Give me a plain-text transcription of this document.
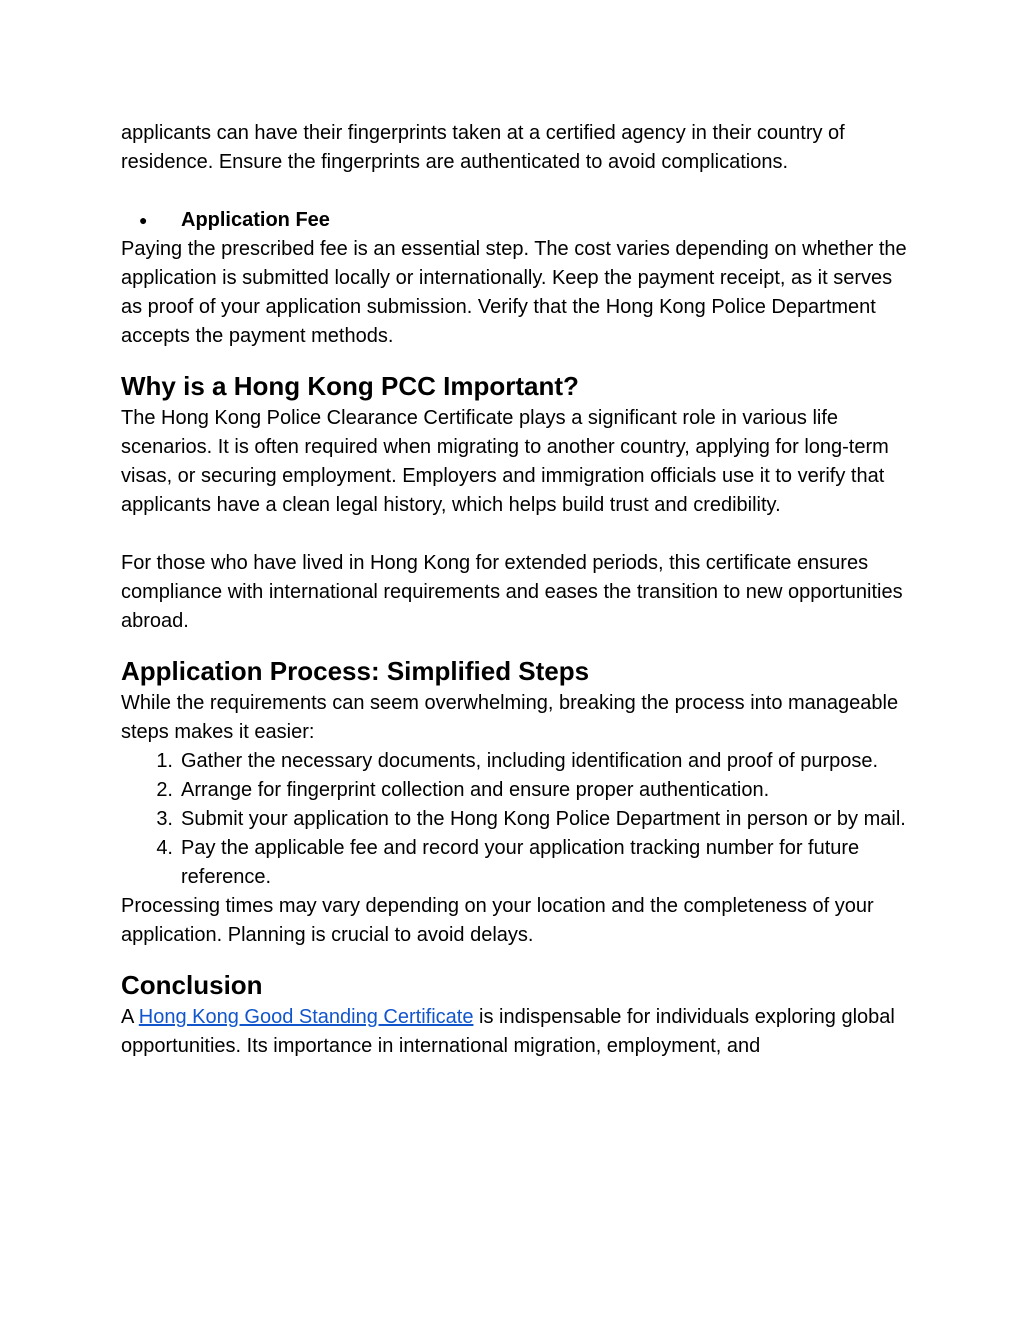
applicants can have their fingerprints taken at a certified agency in their country of residence. Ensure the fingerprints are authenticated to avoid complications.

●	Application Fee

Paying the prescribed fee is an essential step. The cost varies depending on whether the application is submitted locally or internationally. Keep the payment receipt, as it serves as proof of your application submission. Verify that the Hong Kong Police Department accepts the payment methods.

Why is a Hong Kong PCC Important?

The Hong Kong Police Clearance Certificate plays a significant role in various life scenarios. It is often required when migrating to another country, applying for long-term visas, or securing employment. Employers and immigration officials use it to verify that applicants have a clean legal history, which helps build trust and credibility.

For those who have lived in Hong Kong for extended periods, this certificate ensures compliance with international requirements and eases the transition to new opportunities abroad.

Application Process: Simplified Steps

While the requirements can seem overwhelming, breaking the process into manageable steps makes it easier:

1. Gather the necessary documents, including identification and proof of purpose.
2. Arrange for fingerprint collection and ensure proper authentication.
3. Submit your application to the Hong Kong Police Department in person or by mail.
4. Pay the applicable fee and record your application tracking number for future reference.

Processing times may vary depending on your location and the completeness of your application. Planning is crucial to avoid delays.

Conclusion

A Hong Kong Good Standing Certificate is indispensable for individuals exploring global opportunities. Its importance in international migration, employment, and
